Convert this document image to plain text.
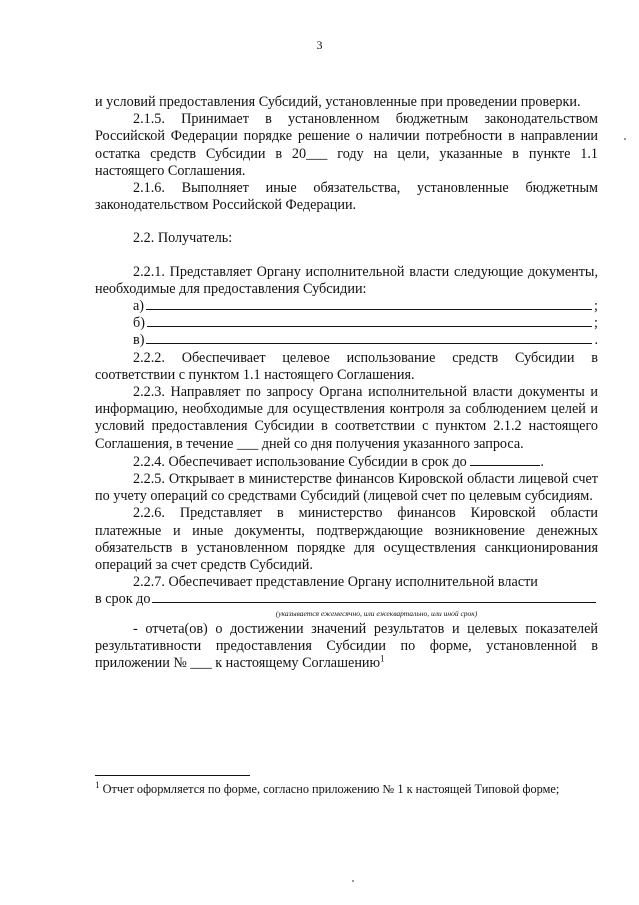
3

и условий предоставления Субсидий, установленные при проведении проверки.

2.1.5. Принимает в установленном бюджетным законодательством Российской Федерации порядке решение о наличии потребности в направлении остатка средств Субсидии в 20___ году на цели, указанные в пункте 1.1 настоящего Соглашения.

2.1.6. Выполняет иные обязательства, установленные бюджетным законодательством Российской Федерации.

2.2. Получатель:

2.2.1. Представляет Органу исполнительной власти следующие документы, необходимые для предоставления Субсидии:

а)	;
б)	;
в)	.

2.2.2. Обеспечивает целевое использование средств Субсидии в соответствии с пунктом 1.1 настоящего Соглашения.

2.2.3. Направляет по запросу Органа исполнительной власти документы и информацию, необходимые для осуществления контроля за соблюдением целей и условий предоставления Субсидии в соответствии с пунктом 2.1.2 настоящего Соглашения, в течение ___ дней со дня получения указанного запроса.

2.2.4. Обеспечивает использование Субсидии в срок до	.

2.2.5. Открывает в министерстве финансов Кировской области лицевой счет по учету операций со средствами Субсидий (лицевой счет по целевым субсидиям.

2.2.6. Представляет в министерство финансов Кировской области платежные и иные документы, подтверждающие возникновение денежных обязательств в установленном порядке для осуществления санкционирования операций за счет средств Субсидий.

2.2.7. Обеспечивает представление Органу исполнительной власти

в срок до
(указывается ежемесячно, или ежеквартально, или иной срок)

- отчета(ов) о достижении значений результатов и целевых показателей результативности предоставления Субсидии по форме, установленной в приложении № ___ к настоящему Соглашению$^1$

$^1$ Отчет оформляется по форме, согласно приложению № 1 к настоящей Типовой форме;
